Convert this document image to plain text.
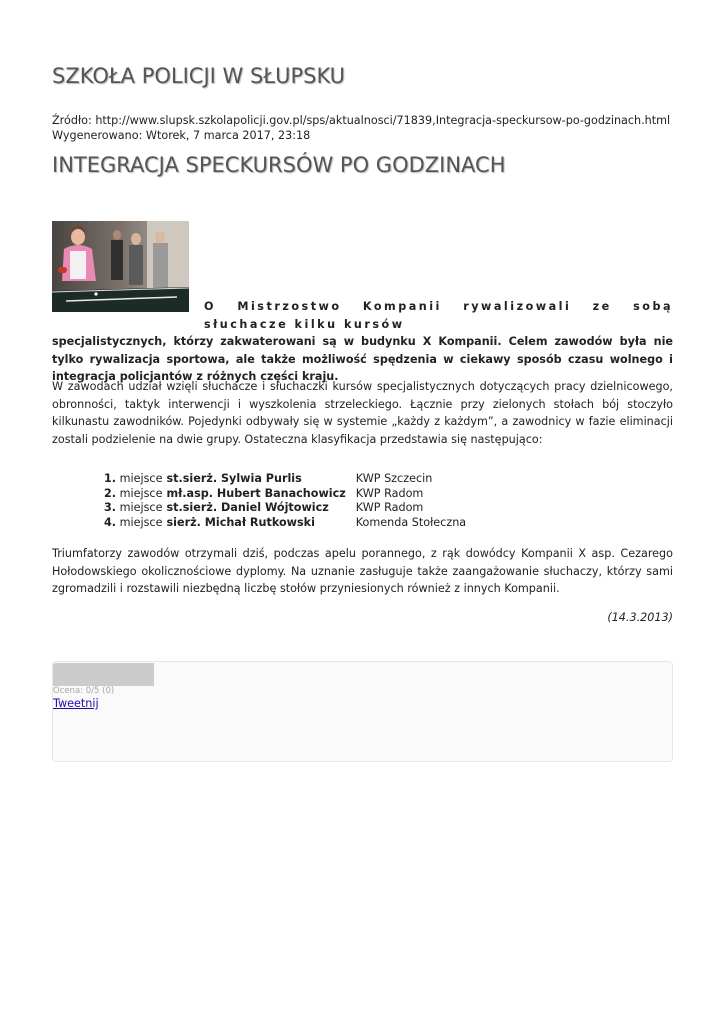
SZKOŁA POLICJI W SŁUPSKU
Źródło: http://www.slupsk.szkolapolicji.gov.pl/sps/aktualnosci/71839,Integracja-speckursow-po-godzinach.html
Wygenerowano: Wtorek, 7 marca 2017, 23:18
INTEGRACJA SPECKURSÓW PO GODZINACH

O Mistrzostwo Kompanii rywalizowali ze sobą słuchacze kilku kursów
specjalistycznych, którzy zakwaterowani są w budynku X Kompanii. Celem zawodów była nie tylko rywalizacja sportowa, ale także możliwość spędzenia w ciekawy sposób czasu wolnego i integracja policjantów z różnych części kraju.

W zawodach udział wzięli słuchacze i słuchaczki kursów specjalistycznych dotyczących pracy dzielnicowego, obronności, taktyk interwencji i wyszkolenia strzeleckiego. Łącznie przy zielonych stołach bój stoczyło kilkunastu zawodników. Pojedynki odbywały się w systemie „każdy z każdym”, a zawodnicy w fazie eliminacji zostali podzielenie na dwie grupy. Ostateczna klasyfikacja przedstawia się następująco:

1. miejsce	st.sierż. Sylwia Purlis	KWP Szczecin
2. miejsce	mł.asp. Hubert Banachowicz	KWP Radom
3. miejsce	st.sierż. Daniel Wójtowicz	KWP Radom
4. miejsce	sierż. Michał Rutkowski	Komenda Stołeczna

Triumfatorzy zawodów otrzymali dziś, podczas apelu porannego, z rąk dowódcy Kompanii X asp. Cezarego Hołodowskiego okolicznościowe dyplomy. Na uznanie zasługuje także zaangażowanie słuchaczy, którzy sami zgromadzili i rozstawili niezbędną liczbę stołów przyniesionych również z innych Kompanii.

(14.3.2013)
Ocena: 0/5 (0)
Tweetnij
